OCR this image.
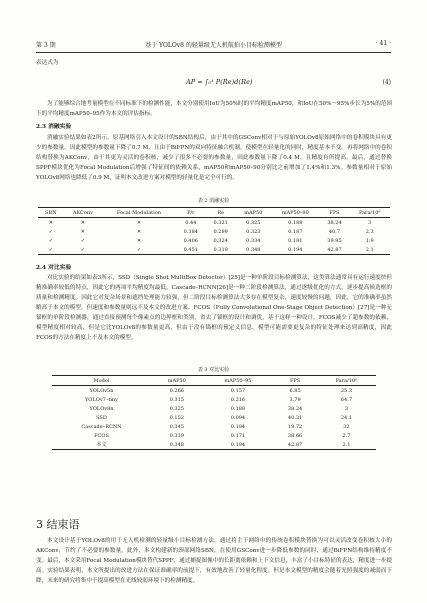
第 3 期	基于 YOLOv8 的轻量级无人机航拍小目标检测模型	· 41 ·
表达式为
AP = ∫₀¹ P(Re)d(Re)	(4)
为了能够综合地考量模型在不同标准下的检测性能，本文分别使用IoU为50%时的平均精度mAP50，和IoU在50%～95%步长为5%的范围下的平均精度mAP50–95作为本文的评估指标。
2.3 消融实验
消融实验结果如表2所示。原基网络引入本文设计的SBN结构后，由于其中的GSConv相对于与原始YOLOv8原始网络中的卷积模块具有更少的参数量，因此模型的参数量下降了0.7 M，且由于BiFPN的双向特征融合机制，使模型在轻量化的同时，精度基本不变。再将网络中的卷积结构替换为AKConv，由于其更为灵活的卷积核，减少了很多不必要的参数量，因此参数量下降了0.4 M，且精度有所提高。最后，通过替换SPPF模块优化为Focal Modulation后增强了特征间的依赖关系，mAP50和mAP50–90分别比之前增加了1.4%和1.3%。参数量相对于原始YOLOv8网络也降低了0.9 M，证明本文改进方案对模型的轻量化是完全可行的。
表 2 消融实验
SBN	AKConv	Focal Modulation	P/r	Re	mAP50	mAP50–90	FPS	Para/10⁶
✕	✕	✕	0.44	0.321	0.325	0.188	38.24	3
✓	✕	✕	0.384	0.299	0.323	0.187	40.7	2.3
✓	✓	✕	0.406	0.324	0.334	0.181	39.95	1.9
✓	✓	✓	0.451	0.319	0.348	0.194	42.87	2.1
2.4 对比实验
对比实验的结果如表3所示，SSD（Single Shot MultiBox Detector）[25]是一种单阶段目标检测算法，这类算法通常具有运行速度快但精准确率较低的特点，因此它的两项平均精度均最低。Cascade–RCNN[26]是一种二阶段检测算法，通过逐级优化的方式，逐步提高候选框的质量和检测精度。因此它对复杂场景和遮挡处理能力较强，但二阶段目标检测算法大多存在模型复杂，速度较慢的问题，因此，它的准确率虽然略高于本文的模型，但速度和参数量则远不及本文的改进方案。FCOS（Fully Convolutional One-Stage Object Detection）[27]是一种无锚框的单阶段检测器，通过直接预测每个像素点的边界框和类别，省去了锚框的设计和调优，基于这样一种设计，FCOS减少了超参数的依赖，模型精度相对较高，但是它比YOLOv8的参数量更高，但由于没有锚框的预定义信息，模型可能需要更复杂的特征处理来达到高精度，因此FCOS的方法在精度上不及本文的模型。
表 3 对比实验
Model	mAP50	mAP50–95	FPS	Para/10⁶
YOLOv5n	0.266	0.157	6.85	25.3
YOLOv7–tiny	0.315	0.216	3.79	64.7
YOLOv8n	0.325	0.188	38.24	3
SSD	0.152	0.094	40.31	24.1
Cascade–RCNN	0.345	0.194	19.72	32
FCOS	0.319	0.171	38.66	2.7
本文	0.348	0.194	42.87	2.1
3 结束语
本文设计基于YOLOv8的用于无人机检测的轻量级小目标检测方法，通过将主干网络中的传统卷积模块替换为可以灵活改变卷积核大小的AKConv，节约了不必要的参数量。此外，本文构建新的颈部网络SBN，在使用GSConv进一步降低参数的同时，通过BiFPN结构维持精度不变。最后，本文采用Focal Modulation模块替代SPPF，通过捕捉图像中的长距离依赖和上下文信息，丰富了小目标特征的表达，精度进一步提高。实验结果表明，本文所提出的改进方法在保证准确率的前提下，有效地改善了轻量化程度。但是本文模型的精度会随着光照强度的减弱而下降，未来的研究将集中于提高模型在光线较弱环境下的检测精度。
